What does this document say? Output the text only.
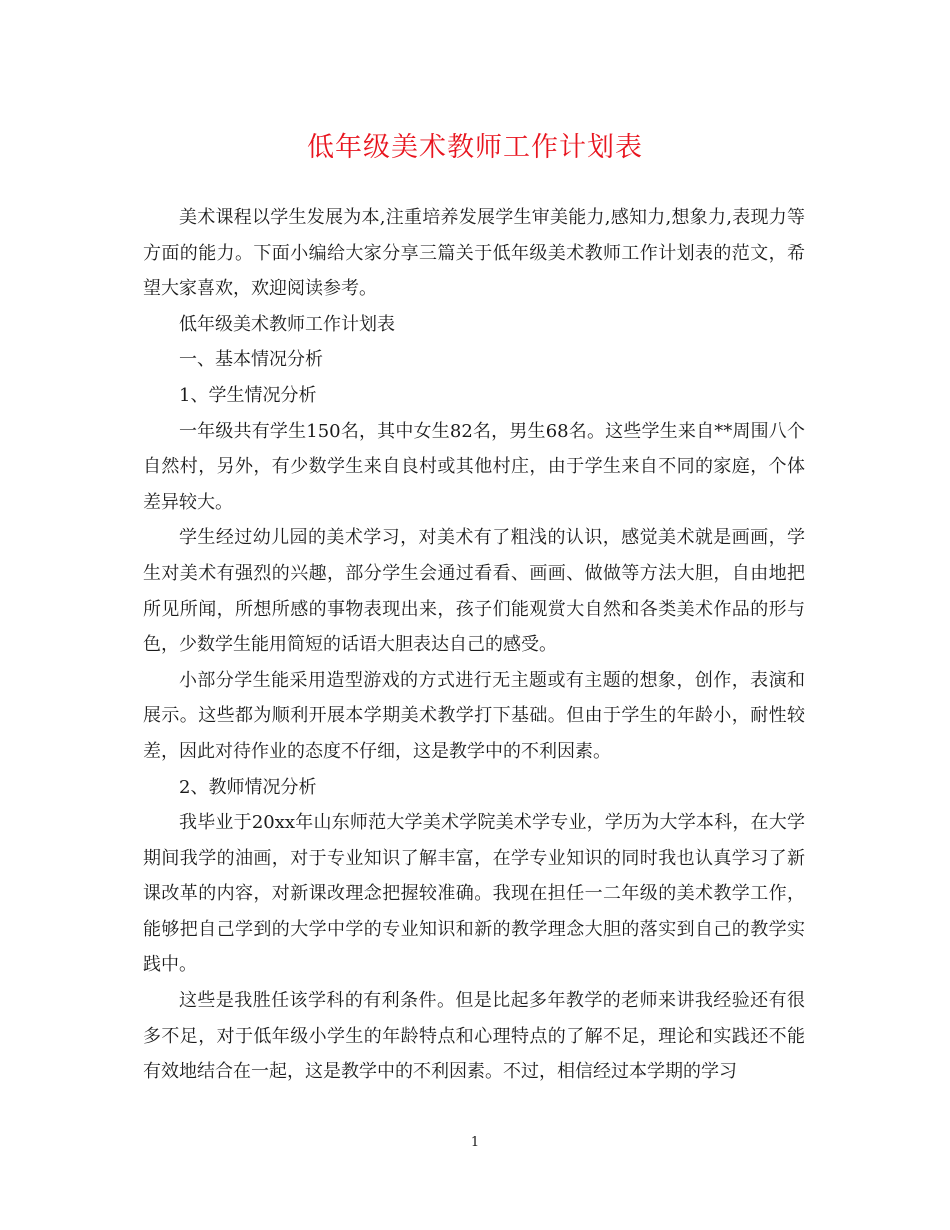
低年级美术教师工作计划表

美术课程以学生发展为本,注重培养发展学生审美能力,感知力,想象力,表现力等方面的能力。下面小编给大家分享三篇关于低年级美术教师工作计划表的范文，希望大家喜欢，欢迎阅读参考。

低年级美术教师工作计划表

一、基本情况分析

1、学生情况分析

一年级共有学生150名，其中女生82名，男生68名。这些学生来自**周围八个自然村，另外，有少数学生来自良村或其他村庄，由于学生来自不同的家庭，个体差异较大。

学生经过幼儿园的美术学习，对美术有了粗浅的认识，感觉美术就是画画，学生对美术有强烈的兴趣，部分学生会通过看看、画画、做做等方法大胆，自由地把所见所闻，所想所感的事物表现出来，孩子们能观赏大自然和各类美术作品的形与色，少数学生能用简短的话语大胆表达自己的感受。

小部分学生能采用造型游戏的方式进行无主题或有主题的想象，创作，表演和展示。这些都为顺利开展本学期美术教学打下基础。但由于学生的年龄小，耐性较差，因此对待作业的态度不仔细，这是教学中的不利因素。

2、教师情况分析

我毕业于20xx年山东师范大学美术学院美术学专业，学历为大学本科，在大学期间我学的油画，对于专业知识了解丰富，在学专业知识的同时我也认真学习了新课改革的内容，对新课改理念把握较准确。我现在担任一二年级的美术教学工作，能够把自己学到的大学中学的专业知识和新的教学理念大胆的落实到自己的教学实践中。

这些是我胜任该学科的有利条件。但是比起多年教学的老师来讲我经验还有很多不足，对于低年级小学生的年龄特点和心理特点的了解不足，理论和实践还不能有效地结合在一起，这是教学中的不利因素。不过，相信经过本学期的学习

1
